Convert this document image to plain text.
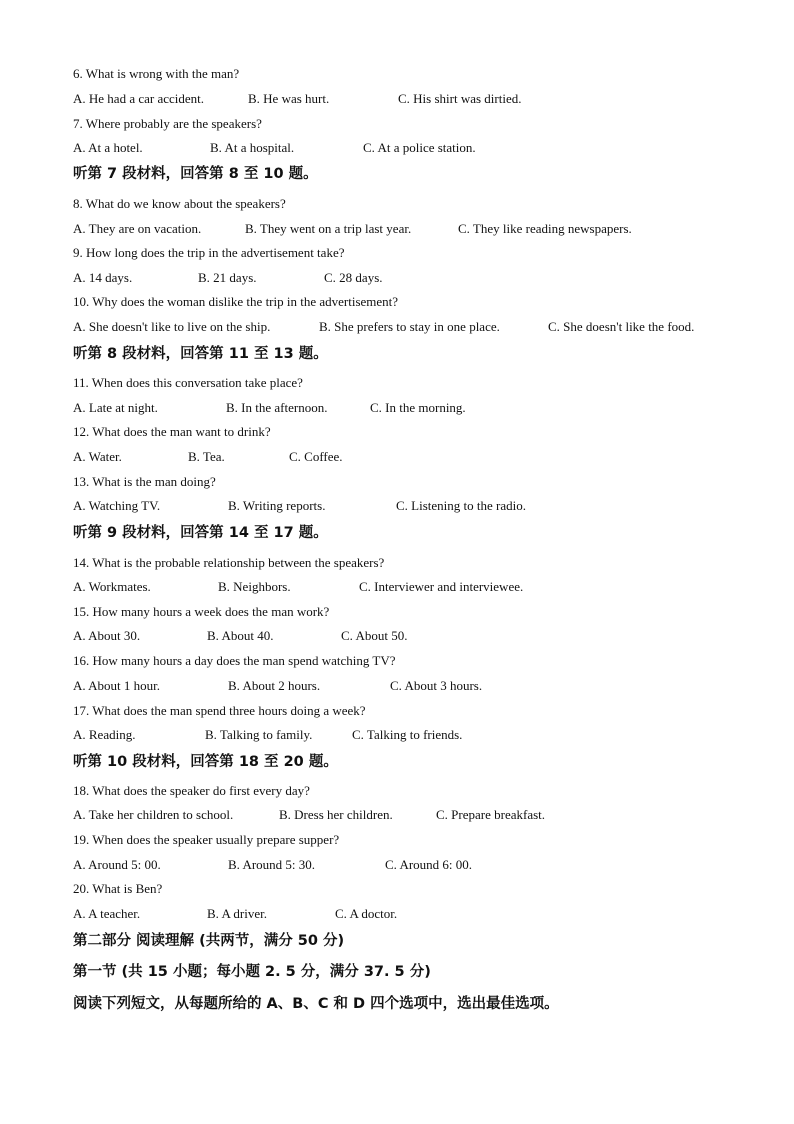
6. What is wrong with the man?
A. He had a car accident.	B. He was hurt.	C. His shirt was dirtied.
7. Where probably are the speakers?
A. At a hotel.	B. At a hospital.	C. At a police station.
听第 7 段材料，回答第 8 至 10 题。
8. What do we know about the speakers?
A. They are on vacation.	B. They went on a trip last year.	C. They like reading newspapers.
9. How long does the trip in the advertisement take?
A. 14 days.	B. 21 days.	C. 28 days.
10. Why does the woman dislike the trip in the advertisement?
A. She doesn't like to live on the ship.	B. She prefers to stay in one place.	C. She doesn't like the food.
听第 8 段材料，回答第 11 至 13 题。
11. When does this conversation take place?
A. Late at night.	B. In the afternoon.	C. In the morning.
12. What does the man want to drink?
A. Water.	B. Tea.	C. Coffee.
13. What is the man doing?
A. Watching TV.	B. Writing reports.	C. Listening to the radio.
听第 9 段材料，回答第 14 至 17 题。
14. What is the probable relationship between the speakers?
A. Workmates.	B. Neighbors.	C. Interviewer and interviewee.
15. How many hours a week does the man work?
A. About 30.	B. About 40.	C. About 50.
16. How many hours a day does the man spend watching TV?
A. About 1 hour.	B. About 2 hours.	C. About 3 hours.
17. What does the man spend three hours doing a week?
A. Reading.	B. Talking to family.	C. Talking to friends.
听第 10 段材料，回答第 18 至 20 题。
18. What does the speaker do first every day?
A. Take her children to school.	B. Dress her children.	C. Prepare breakfast.
19. When does the speaker usually prepare supper?
A. Around 5: 00.	B. Around 5: 30.	C. Around 6: 00.
20. What is Ben?
A. A teacher.	B. A driver.	C. A doctor.
第二部分 阅读理解 (共两节，满分 50 分)
第一节 (共 15 小题；每小题 2. 5 分，满分 37. 5 分)
阅读下列短文，从每题所给的 A、B、C 和 D 四个选项中，选出最佳选项。
